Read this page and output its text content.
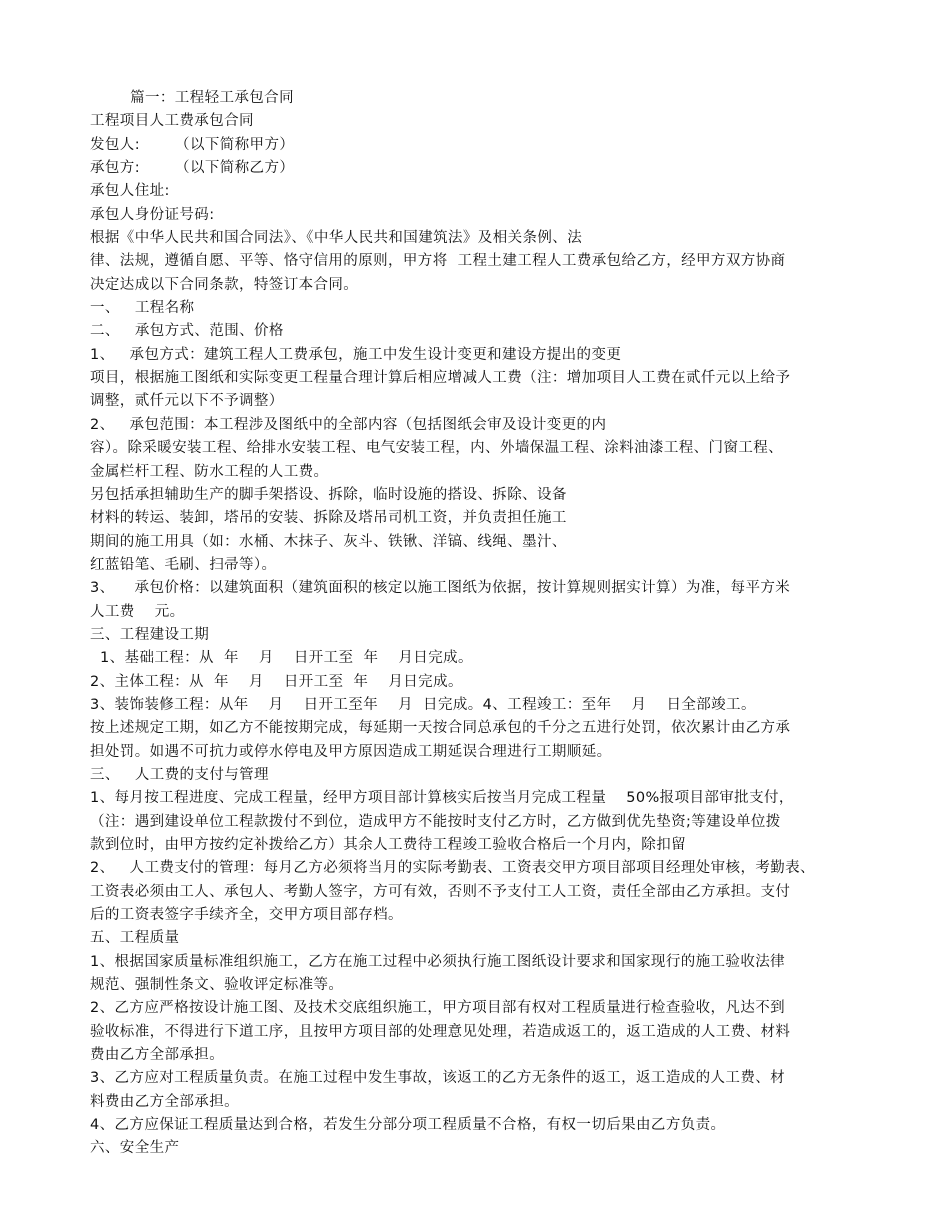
篇一：工程轻工承包合同
工程项目人工费承包合同
发包人:       （以下简称甲方）
承包方:       （以下简称乙方）
承包人住址:
承包人身份证号码:
根据《中华人民共和国合同法》、《中华人民共和国建筑法》及相关条例、法
律、法规，遵循自愿、平等、恪守信用的原则，甲方将  工程土建工程人工费承包给乙方，经甲方双方协商
决定达成以下合同条款，特签订本合同。
一、   工程名称
二、   承包方式、范围、价格
1、   承包方式：建筑工程人工费承包，施工中发生设计变更和建设方提出的变更
项目，根据施工图纸和实际变更工程量合理计算后相应增减人工费（注：增加项目人工费在贰仟元以上给予
调整，贰仟元以下不予调整）
2、   承包范围：本工程涉及图纸中的全部内容（包括图纸会审及设计变更的内
容）。除采暖安装工程、给排水安装工程、电气安装工程，内、外墙保温工程、涂料油漆工程、门窗工程、
金属栏杆工程、防水工程的人工费。
另包括承担辅助生产的脚手架搭设、拆除，临时设施的搭设、拆除、设备
材料的转运、装卸，塔吊的安装、拆除及塔吊司机工资，并负责担任施工
期间的施工用具（如：水桶、木抹子、灰斗、铁锹、洋镐、线绳、墨汁、
红蓝铅笔、毛刷、扫帚等）。
3、    承包价格：以建筑面积（建筑面积的核定以施工图纸为依据，按计算规则据实计算）为准，每平方米
人工费    元。
三、工程建设工期
1、基础工程：从  年    月    日开工至  年    月日完成。
2、主体工程：从  年    月    日开工至  年    月日完成。
3、装饰装修工程：从年    月    日开工至年    月  日完成。4、工程竣工：至年    月    日全部竣工。
按上述规定工期，如乙方不能按期完成，每延期一天按合同总承包的千分之五进行处罚，依次累计由乙方承
担处罚。如遇不可抗力或停水停电及甲方原因造成工期延误合理进行工期顺延。
三、   人工费的支付与管理
1、每月按工程进度、完成工程量，经甲方项目部计算核实后按当月完成工程量    50%报项目部审批支付，
（注：遇到建设单位工程款拨付不到位，造成甲方不能按时支付乙方时，乙方做到优先垫资;等建设单位拨
款到位时，由甲方按约定补拨给乙方）其余人工费待工程竣工验收合格后一个月内，除扣留
2、   人工费支付的管理：每月乙方必须将当月的实际考勤表、工资表交甲方项目部项目经理处审核，考勤表、
工资表必须由工人、承包人、考勤人签字，方可有效，否则不予支付工人工资，责任全部由乙方承担。支付
后的工资表签字手续齐全，交甲方项目部存档。
五、工程质量
1、根据国家质量标准组织施工，乙方在施工过程中必须执行施工图纸设计要求和国家现行的施工验收法律
规范、强制性条文、验收评定标准等。
2、乙方应严格按设计施工图、及技术交底组织施工，甲方项目部有权对工程质量进行检查验收，凡达不到
验收标准，不得进行下道工序，且按甲方项目部的处理意见处理，若造成返工的，返工造成的人工费、材料
费由乙方全部承担。
3、乙方应对工程质量负责。在施工过程中发生事故，该返工的乙方无条件的返工，返工造成的人工费、材
料费由乙方全部承担。
4、乙方应保证工程质量达到合格，若发生分部分项工程质量不合格，有权一切后果由乙方负责。
六、安全生产
